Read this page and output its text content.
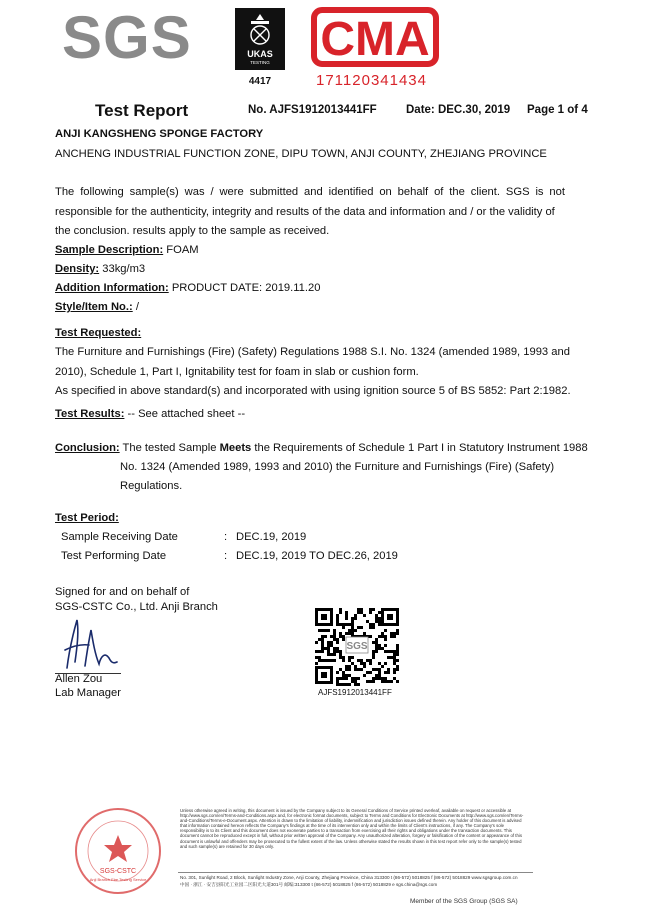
SGS	UKAS
TESTING
4417
CMA
171120341434
Test Report	No. AJFS1912013441FF	Date: DEC.30, 2019 Page 1 of 4
ANJI KANGSHENG SPONGE FACTORY
ANCHENG INDUSTRIAL FUNCTION ZONE, DIPU TOWN, ANJI COUNTY, ZHEJIANG PROVINCE
The following sample(s) was / were submitted and identified on behalf of the client. SGS is not
responsible for the authenticity, integrity and results of the data and information and / or the validity of
the conclusion. results apply to the sample as received.
Sample Description: FOAM
Density: 33kg/m3
Addition Information: PRODUCT DATE: 2019.11.20
Style/Item No.: /
Test Requested:
The Furniture and Furnishings (Fire) (Safety) Regulations 1988 S.I. No. 1324 (amended 1989, 1993 and
2010), Schedule 1, Part I, Ignitability test for foam in slab or cushion form.
As specified in above standard(s) and incorporated with using ignition source 5 of BS 5852: Part 2:1982.
Test Results: -- See attached sheet --
Conclusion: The tested Sample Meets the Requirements of Schedule 1 Part I in Statutory Instrument 1988
No. 1324 (Amended 1989, 1993 and 2010) the Furniture and Furnishings (Fire) (Safety)
Regulations.
Test Period:
Sample Receiving Date	: DEC.19, 2019
Test Performing Date	: DEC.19, 2019 TO DEC.26, 2019
Signed for and on behalf of
SGS-CSTC Co., Ltd. Anji Branch
Allen Zou
Lab Manager
SGS
AJFS1912013441FF
SGS-CSTC
Anji Branch Fire Testing Service
Unless otherwise agreed in writing, this document is issued by the Company subject to its General Conditions of Service printed overleaf, available on request or accessible at http://www.sgs.com/en/Terms-and-Conditions.aspx and, for electronic format documents, subject to Terms and Conditions for Electronic Documents at http://www.sgs.com/en/Terms-and-Conditions/Terms-e-Document.aspx. Attention is drawn to the limitation of liability, indemnification and jurisdiction issues defined therein. Any holder of this document is advised that information contained hereon reflects the Company's findings at the time of its intervention only and within the limits of Client's instructions, if any. The Company's sole responsibility is to its Client and this document does not exonerate parties to a transaction from exercising all their rights and obligations under the transaction documents. This document cannot be reproduced except in full, without prior written approval of the Company. Any unauthorized alteration, forgery or falsification of the content or appearance of this document is unlawful and offenders may be prosecuted to the fullest extent of the law. Unless otherwise stated the results shown in this test report refer only to the sample(s) tested and such sample(s) are retained for 30 days only.
No. 301, Sunlight Road, 2 Block, Sunlight Industry Zone, Anji County, Zhejiang Province, China 313300 t (86-572) 5018825 f (86-572) 5018829 www.sgsgroup.com.cn
中国 · 浙江 · 安吉县阳光工业园二区阳光大道301号 邮编:313300 t (86-572) 5018825 f (86-572) 5018829 e sgs.china@sgs.com
Member of the SGS Group (SGS SA)
